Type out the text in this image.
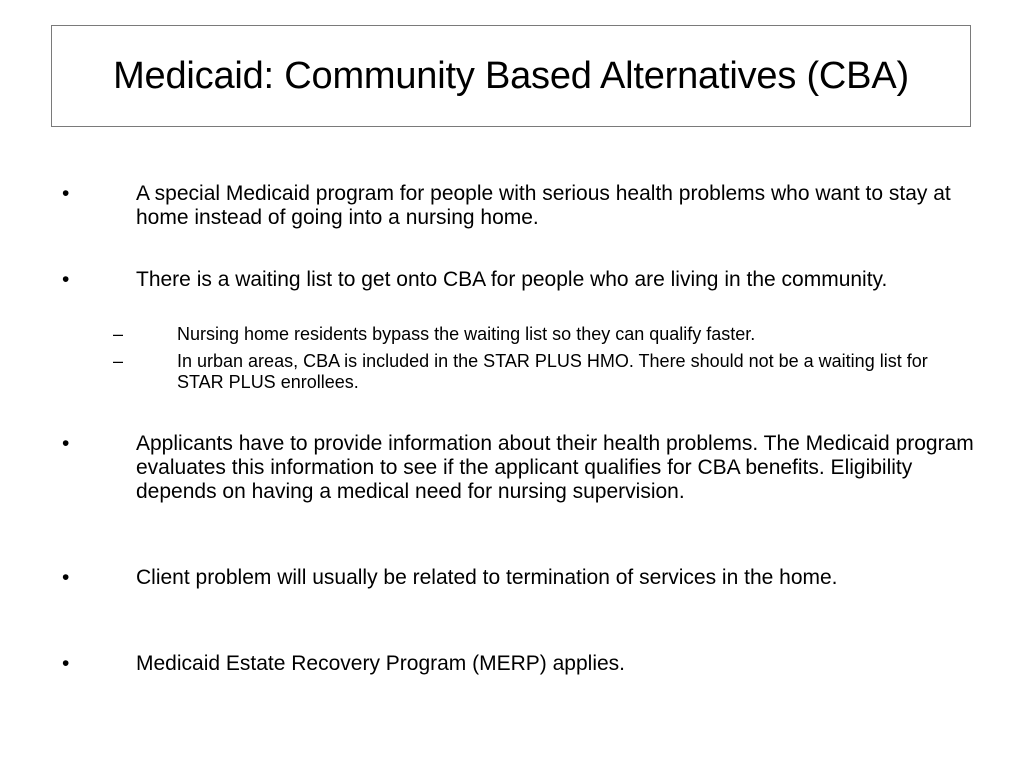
Medicaid: Community Based Alternatives (CBA)
•	A special Medicaid program for people with serious health problems who want to stay at home instead of going into a nursing home.
•	There is a waiting list to get onto CBA for people who are living in the community.
–	Nursing home residents bypass the waiting list so they can qualify faster.
–	In urban areas, CBA is included in the STAR PLUS HMO. There should not be a waiting list for STAR PLUS enrollees.
•	Applicants have to provide information about their health problems. The Medicaid program evaluates this information to see if the applicant qualifies for CBA benefits. Eligibility depends on having a medical need for nursing supervision.
•	Client problem will usually be related to termination of services in the home.
•	Medicaid Estate Recovery Program (MERP) applies.
